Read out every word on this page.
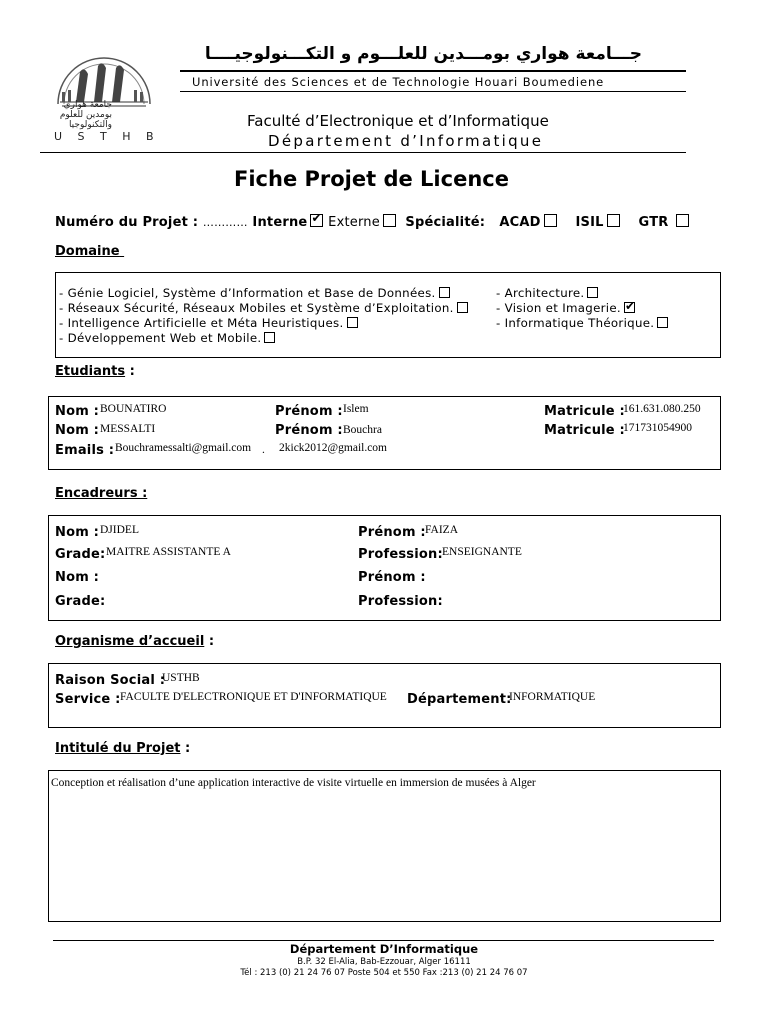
جامعة هواري بومدين للعلوم والتكنولوجيا
U S T H B
جـــامعة هواري بومـــدين للعلـــوم و التكـــنولوجيــــا
Université des Sciences et de Technologie Houari Boumediene
Faculté d’Electronique et d’Informatique
Département d’Informatique
Fiche Projet de Licence
Numéro du Projet : ………… Interne✔ Externe Spécialité: ACAD	ISIL	GTR
Domaine
- Génie Logiciel, Système d’Information et Base de Données.
- Réseaux Sécurité, Réseaux Mobiles et Système d’Exploitation.
- Intelligence Artificielle et Méta Heuristiques.
- Développement Web et Mobile.
- Architecture.
- Vision et Imagerie.✔
- Informatique Théorique.
Etudiants :
Nom : BOUNATIRO	Prénom : Islem	Matricule :
161.631.080.250
Nom : MESSALTI	Prénom : Bouchra	Matricule :
171731054900
Emails : Bouchramessalti@gmail.com . 2kick2012@gmail.com
Encadreurs :
Nom : DJIDEL	Prénom : FAIZA
Grade: MAITRE ASSISTANTE A	Profession: ENSEIGNANTE
Nom :	Prénom :
Grade:	Profession:
Organisme d’accueil :
Raison Social :
USTHB
Service : FACULTE D'ELECTRONIQUE ET D'INFORMATIQUE Département:
INFORMATIQUE
Intitulé du Projet :
Conception et réalisation d’une application interactive de visite virtuelle en immersion de musées à Alger
Département D’Informatique
B.P. 32 El-Alia, Bab-Ezzouar, Alger 16111
Tél : 213 (0) 21 24 76 07 Poste 504 et 550 Fax :213 (0) 21 24 76 07
